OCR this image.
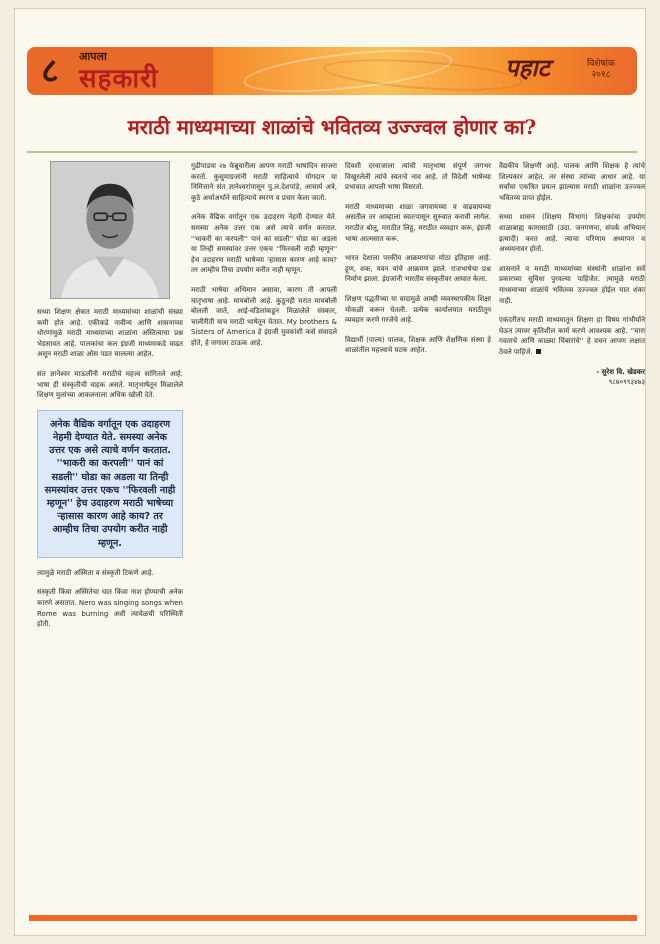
८	आपला
सहकारी	पहाट	विशेषांक
२०१८
मराठी माध्यमाच्या शाळांचे भवितव्य उज्ज्वल होणार का?

सध्या शिक्षण क्षेत्रात मराठी माध्यमांच्या शाळांची संख्या कमी होत आहे. एकीकडे नावीन्य आणि शासनाच्या धोरणांमुळे मराठी माध्यमाच्या शाळांना अस्तित्वाचा प्रश्न भेडसावत आहे. पालकांचा कल इंग्रजी माध्यमाकडे वाढत असून मराठी शाळा ओस पडत चालल्या आहेत.

संत ज्ञानेश्वर माऊलींनी मराठीचे महत्त्व सांगितले आहे. भाषा ही संस्कृतीची वाहक असते. मातृभाषेतून मिळालेले शिक्षण मुलांच्या आकलनाला अधिक खोली देते.

अनेक वैद्यिक वर्गातून एक उदाहरण नेहमी देण्यात येते. समस्या अनेक उत्तर एक असे त्याचे वर्णन करतात. ''भाकरी का करपली'' पानं कां सडली'' घोडा का अडला या तिन्ही समस्यांवर उत्तर एकच ''फिरवली नाही म्हणून'' हेच उदाहरण मराठी भाषेच्या ऱ्हासास कारण आहे काय? तर आम्हीच तिचा उपयोग करीत नाही म्हणून.

त्यामुळे मराठी अस्मिता व संस्कृती टिकणे आहे.

संस्कृती किंवा अस्मितेचा घात किंवा नाश होण्याची अनेक कारणे असतात. Nero was singing songs when Rome was burning अशी त्यावेळची परिस्थिती होती.

गुढीपाडवा २७ फेब्रुवारीला आपण मराठी भाषादिन साजरा करतो. कुसुमाग्रजांनी मराठी साहित्याचे योगदान या निमित्ताने संत ज्ञानेश्वरांपासून पु.ल.देशपांडे, आचार्य अत्रे, कुठे अर्थाअर्थाने साहित्याचे स्मरण व प्रचार केला जातो.

अनेक वैद्यिक वर्गातून एक उदाहरण नेहमी देण्यात येते. समस्या अनेक उत्तर एक असे त्याचे वर्णन करतात. ''भाकरी का करपली'' पानं कां सडली'' घोडा का अडला या तिन्ही समस्यांवर उत्तर एकच ''फिरवली नाही म्हणून'' हेच उदाहरण मराठी भाषेच्या ऱ्हासास कारण आहे काय? तर आम्हीच तिचा उपयोग करीत नाही म्हणून.

मराठी भाषेचा अभिमान असावा, कारण ती आपली मातृभाषा आहे. मायबोली आहे. कुठूनही घरात मायबोली बोलली जाते, आई-वडिलांकडून मिळालेले संस्कार, चालीरीती याच मराठी भाषेतून येतात. My brothers & Sisters of America हे इंग्रजी युवकांशी कसे संवादले होते, हे जगाला ठाऊक आहे.

दिवशी दरवाजाला त्यांची मातृभाषा संपूर्ण जगभर विखुरलेली त्यांचे स्वतःचे नाव आहे. तो विदेशी भाषेच्या प्रभावात आपली भाषा विसरतो.

मराठी माध्यमाच्या शाळा जगवायच्या व वाढवायच्या असतील तर आम्हाला स्वतःपासून सुरुवात करावी लागेल. मराठीत बोलू, मराठीत लिहू, मराठीत व्यवहार करू, इंग्रजी भाषा आत्मसात करू.

भारत देशाला परकीय आक्रमणांचा मोठा इतिहास आहे. हूण, शक, यवन यांचे आक्रमण झाले. राजभाषेचा प्रश्न निर्माण झाला. इंग्रजांनी भारतीय संस्कृतीवर आघात केला.

शिक्षण पद्धतीच्या या वादामुळे आम्ही व्यवस्थापकीय शिक्षा मोकळी करून घेतली. प्रत्येक कार्यालयात मराठीतून व्यवहार करणे गरजेचे आहे.

विद्यार्थी (पाल्य) पालक, शिक्षक आणि शैक्षणिक संस्था हे शाळांतील महत्त्वाचे घटक आहेत.

वैद्यकीय शिक्षणी आहे. पालक आणि शिक्षक हे त्यांचे शिल्पकार आहेत. तर संस्था त्यांच्या आधार आहे. या सर्वांचा एकत्रित प्रयत्न झाल्यास मराठी शाळांना उज्ज्वल भवितव्य प्राप्त होईल.

सध्या शासन (शिक्षण विभाग) शिक्षकांचा उपयोग शाळाबाह्य कामासाठी (उदा. जनगणना, संपर्क अभियान इत्यादी) करत आहे. त्याचा परिणाम अध्यापन व अध्ययनावर होतो.

शासनाने व मराठी माध्यमांच्या संस्थांनी शाळांना सर्व प्रकारच्या सुविधा पुरवल्या पाहिजेत. त्यामुळे मराठी माध्यमाच्या शाळांचे भवितव्य उज्ज्वल होईल यात शंका नाही.

एकंदरीतच मराठी माध्यमातून शिक्षण हा विषय गांभीर्याने घेऊन त्यावर कृतिशील कार्य करणे आवश्यक आहे. ''चारा गवताचे आणि काळ्या चिंबारांचे'' हे वचन आपण लक्षात ठेवले पाहिजे.

- सुरेश वि. खेडकर
९८७०९९३४७३
